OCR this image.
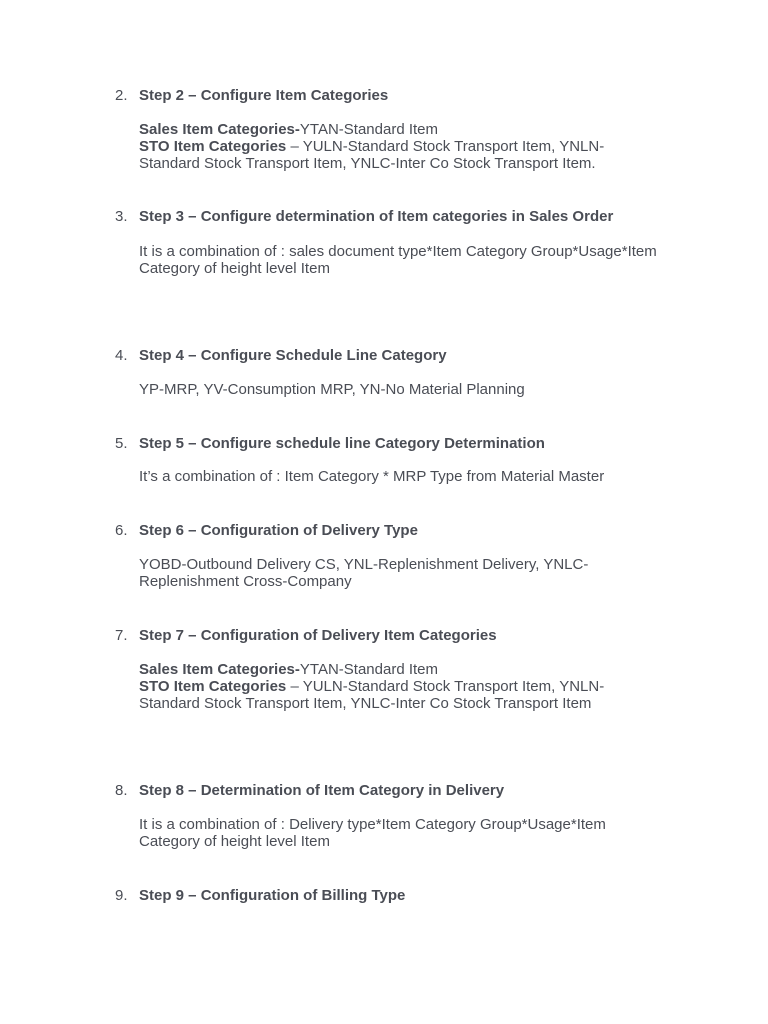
2. Step 2 – Configure Item Categories

Sales Item Categories-YTAN-Standard Item

STO Item Categories – YULN-Standard Stock Transport Item, YNLN-

Standard Stock Transport Item, YNLC-Inter Co Stock Transport Item.

3. Step 3 – Configure determination of Item categories in Sales Order

It is a combination of : sales document type*Item Category Group*Usage*Item

Category of height level Item

4. Step 4 – Configure Schedule Line Category

YP-MRP, YV-Consumption MRP, YN-No Material Planning

5. Step 5 – Configure schedule line Category Determination

It’s a combination of : Item Category * MRP Type from Material Master

6. Step 6 – Configuration of Delivery Type

YOBD-Outbound Delivery CS, YNL-Replenishment Delivery, YNLC-

Replenishment Cross-Company

7. Step 7 – Configuration of Delivery Item Categories

Sales Item Categories-YTAN-Standard Item

STO Item Categories – YULN-Standard Stock Transport Item, YNLN-

Standard Stock Transport Item, YNLC-Inter Co Stock Transport Item

8. Step 8 – Determination of Item Category in Delivery

It is a combination of : Delivery type*Item Category Group*Usage*Item

Category of height level Item

9. Step 9 – Configuration of Billing Type
